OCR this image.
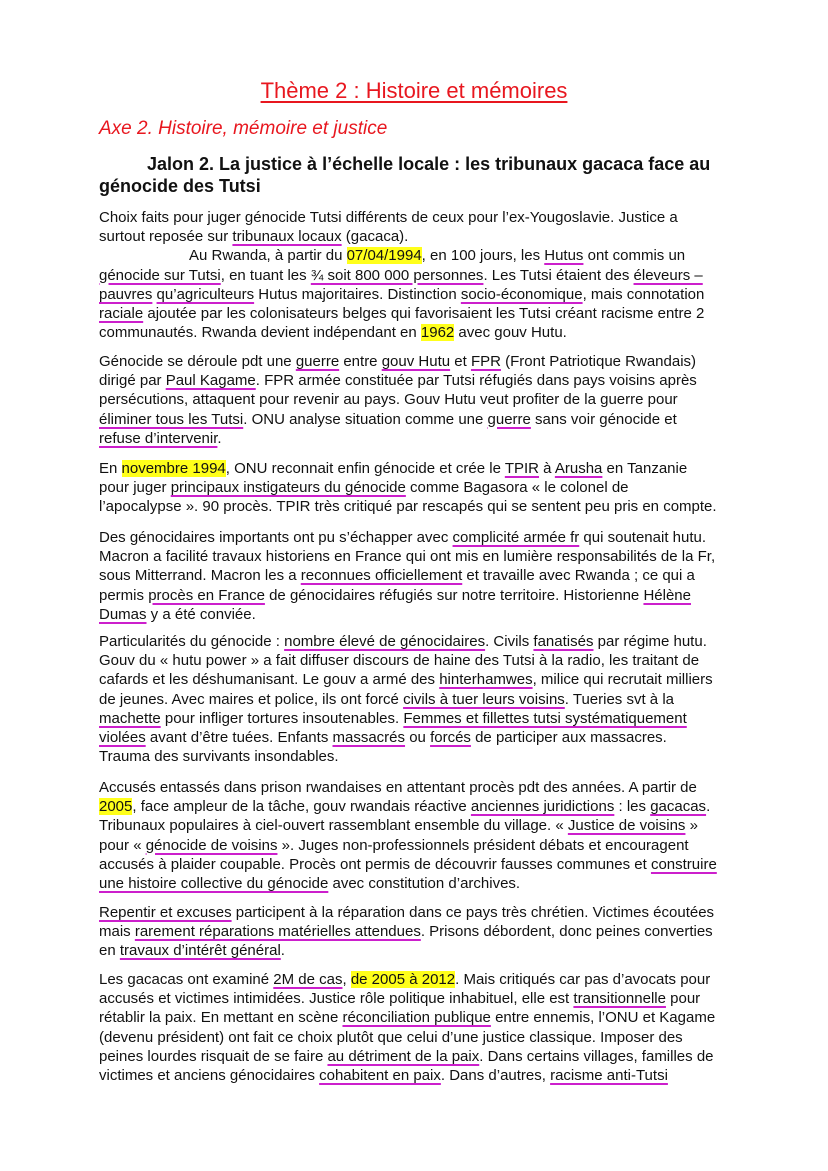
Thème 2 : Histoire et mémoires
Axe 2. Histoire, mémoire et justice
Jalon 2. La justice à l’échelle locale : les tribunaux gacaca face au
génocide des Tutsi
Choix faits pour juger génocide Tutsi différents de ceux pour l’ex-Yougoslavie. Justice a
surtout reposée sur tribunaux locaux (gacaca).
Au Rwanda, à partir du 07/04/1994, en 100 jours, les Hutus ont commis un
génocide sur Tutsi, en tuant les ¾ soit 800 000 personnes. Les Tutsi étaient des éleveurs –
pauvres qu’agriculteurs Hutus majoritaires. Distinction socio-économique, mais connotation
raciale ajoutée par les colonisateurs belges qui favorisaient les Tutsi créant racisme entre 2
communautés. Rwanda devient indépendant en 1962 avec gouv Hutu.
Génocide se déroule pdt une guerre entre gouv Hutu et FPR (Front Patriotique Rwandais)
dirigé par Paul Kagame. FPR armée constituée par Tutsi réfugiés dans pays voisins après
persécutions, attaquent pour revenir au pays. Gouv Hutu veut profiter de la guerre pour
éliminer tous les Tutsi. ONU analyse situation comme une guerre sans voir génocide et
refuse d’intervenir.
En novembre 1994, ONU reconnait enfin génocide et crée le TPIR à Arusha en Tanzanie
pour juger principaux instigateurs du génocide comme Bagasora « le colonel de
l’apocalypse ». 90 procès. TPIR très critiqué par rescapés qui se sentent peu pris en compte.
Des génocidaires importants ont pu s’échapper avec complicité armée fr qui soutenait hutu.
Macron a facilité travaux historiens en France qui ont mis en lumière responsabilités de la Fr,
sous Mitterrand. Macron les a reconnues officiellement et travaille avec Rwanda ; ce qui a
permis procès en France de génocidaires réfugiés sur notre territoire. Historienne Hélène
Dumas y a été conviée.
Particularités du génocide : nombre élevé de génocidaires. Civils fanatisés par régime hutu.
Gouv du « hutu power » a fait diffuser discours de haine des Tutsi à la radio, les traitant de
cafards et les déshumanisant. Le gouv a armé des hinterhamwes, milice qui recrutait milliers
de jeunes. Avec maires et police, ils ont forcé civils à tuer leurs voisins. Tueries svt à la
machette pour infliger tortures insoutenables. Femmes et fillettes tutsi systématiquement
violées avant d’être tuées. Enfants massacrés ou forcés de participer aux massacres.
Trauma des survivants insondables.
Accusés entassés dans prison rwandaises en attentant procès pdt des années. A partir de
2005, face ampleur de la tâche, gouv rwandais réactive anciennes juridictions : les gacacas.
Tribunaux populaires à ciel-ouvert rassemblant ensemble du village. « Justice de voisins »
pour « génocide de voisins ». Juges non-professionnels président débats et encouragent
accusés à plaider coupable. Procès ont permis de découvrir fausses communes et construire
une histoire collective du génocide avec constitution d’archives.
Repentir et excuses participent à la réparation dans ce pays très chrétien. Victimes écoutées
mais rarement réparations matérielles attendues. Prisons débordent, donc peines converties
en travaux d’intérêt général.
Les gacacas ont examiné 2M de cas, de 2005 à 2012. Mais critiqués car pas d’avocats pour
accusés et victimes intimidées. Justice rôle politique inhabituel, elle est transitionnelle pour
rétablir la paix. En mettant en scène réconciliation publique entre ennemis, l’ONU et Kagame
(devenu président) ont fait ce choix plutôt que celui d’une justice classique. Imposer des
peines lourdes risquait de se faire au détriment de la paix. Dans certains villages, familles de
victimes et anciens génocidaires cohabitent en paix. Dans d’autres, racisme anti-Tutsi
